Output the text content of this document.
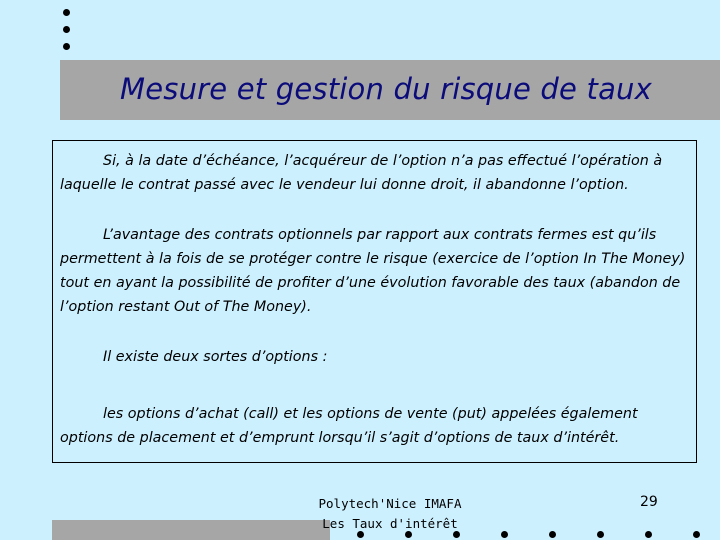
Mesure et gestion du risque de taux

Si, à la date d’échéance, l’acquéreur de l’option n’a pas effectué l’opération à laquelle le contrat passé avec le vendeur lui donne droit, il abandonne l’option.

L’avantage des contrats optionnels par rapport aux contrats fermes est qu’ils permettent à la fois de se protéger contre le risque (exercice de l’option In The Money) tout en ayant la possibilité de profiter d’une évolution favorable des taux (abandon de l’option restant Out of The Money).

Il existe deux sortes d’options :

les options d’achat (call) et les options de vente (put) appelées également options de placement et d’emprunt lorsqu’il s’agit d’options de taux d’intérêt.

Polytech'Nice IMAFA
Les Taux d'intérêt
29
